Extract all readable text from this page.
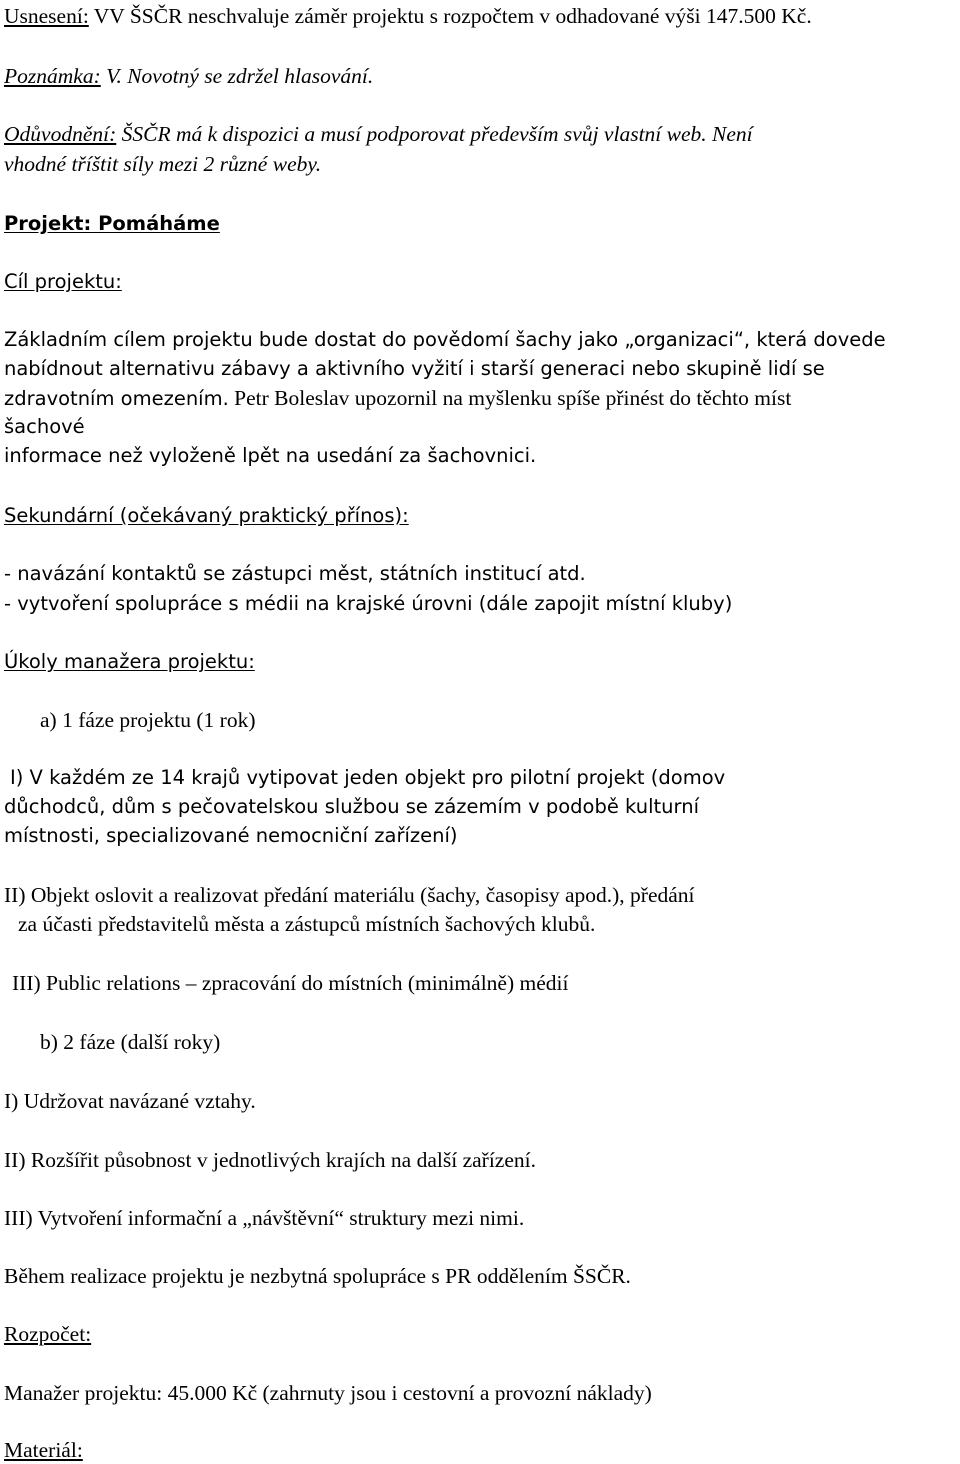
Usnesení: VV ŠSČR neschvaluje záměr projektu s rozpočtem v odhadované výši 147.500 Kč.
Poznámka: V. Novotný se zdržel hlasování.
Odůvodnění: ŠSČR má k dispozici a musí podporovat především svůj vlastní web. Není
vhodné tříštit síly mezi 2 různé weby.
Projekt: Pomáháme
Cíl projektu:
Základním cílem projektu bude dostat do povědomí šachy jako „organizaci“, která dovede
nabídnout alternativu zábavy a aktivního vyžití i starší generaci nebo skupině lidí se
zdravotním omezením. Petr Boleslav upozornil na myšlenku spíše přinést do těchto míst
šachové
informace než vyloženě lpět na usedání za šachovnici.
Sekundární (očekávaný praktický přínos):
- navázání kontaktů se zástupci měst, státních institucí atd.
- vytvoření spolupráce s médii na krajské úrovni (dále zapojit místní kluby)
Úkoly manažera projektu:
a) 1 fáze projektu (1 rok)
I) V každém ze 14 krajů vytipovat jeden objekt pro pilotní projekt (domov
důchodců, dům s pečovatelskou službou se zázemím v podobě kulturní
místnosti, specializované nemocniční zařízení)
II) Objekt oslovit a realizovat předání materiálu (šachy, časopisy apod.), předání
za účasti představitelů města a zástupců místních šachových klubů.
III) Public relations – zpracování do místních (minimálně) médií
b) 2 fáze (další roky)
I) Udržovat navázané vztahy.
II) Rozšířit působnost v jednotlivých krajích na další zařízení.
III) Vytvoření informační a „návštěvní“ struktury mezi nimi.
Během realizace projektu je nezbytná spolupráce s PR oddělením ŠSČR.
Rozpočet:
Manažer projektu: 45.000 Kč (zahrnuty jsou i cestovní a provozní náklady)
Materiál:
